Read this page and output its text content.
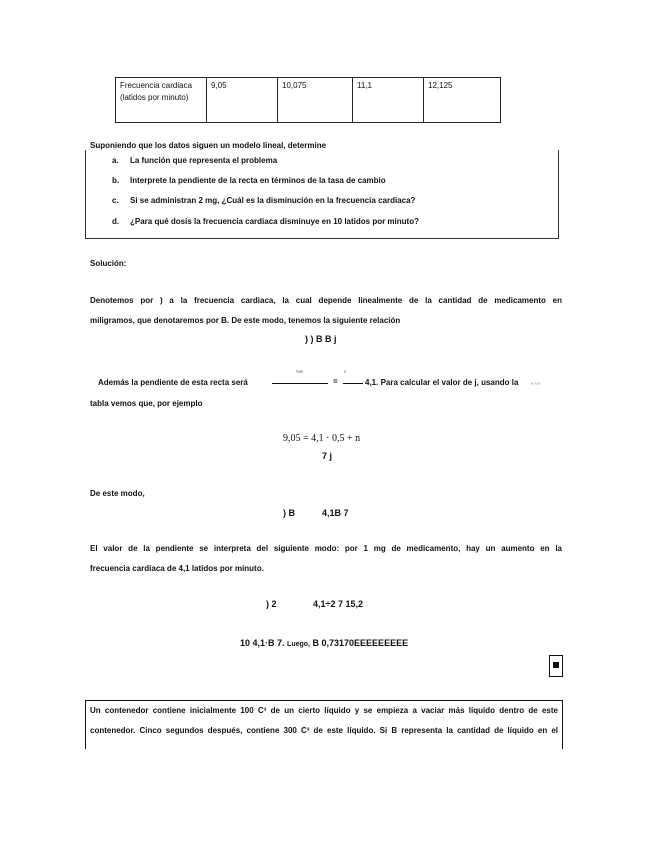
Frecuencia cardiaca (latidos por minuto)	9,05	10,075	11,1	12,125
Suponiendo que los datos siguen un modelo lineal, determine
a. La función que representa el problema
b. Interprete la pendiente de la recta en términos de la tasa de cambio
c. Si se administran 2 mg, ¿Cuál es la disminución en la frecuencia cardiaca?
d. ¿Para qué dosis la frecuencia cardiaca disminuye en 10 latidos por minuto?
Solución:
Denotemos por ) a la frecuencia cardiaca, la cual depende linealmente de la cantidad de medicamento en
miligramos, que denotaremos por B. De este modo, tenemos la siguiente relación
) ) B B j
Además la pendiente de esta recta será
ᵣᵣ,ₐₐ
=
ₐ
4,1. Para calcular el valor de j, usando la	ᵣ, ᵣ, ᵣ,
tabla vemos que, por ejemplo
9,05 = 4,1 · 0,5 + n
7 j
De este modo,
) B	4,1B 7
El valor de la pendiente se interpreta del siguiente modo: por 1 mg de medicamento, hay un aumento en la
frecuencia cardiaca de 4,1 latidos por minuto.
) 2	4,1÷2 7 15,2
10 4,1·B 7. Luego, B 0,73170EEEEEEEEE
Un contenedor contiene inicialmente 100 C³ de un cierto líquido y se empieza a vaciar más líquido dentro de este
contenedor. Cinco segundos después, contiene 300 C³ de este líquido. Si B representa la cantidad de líquido en el
